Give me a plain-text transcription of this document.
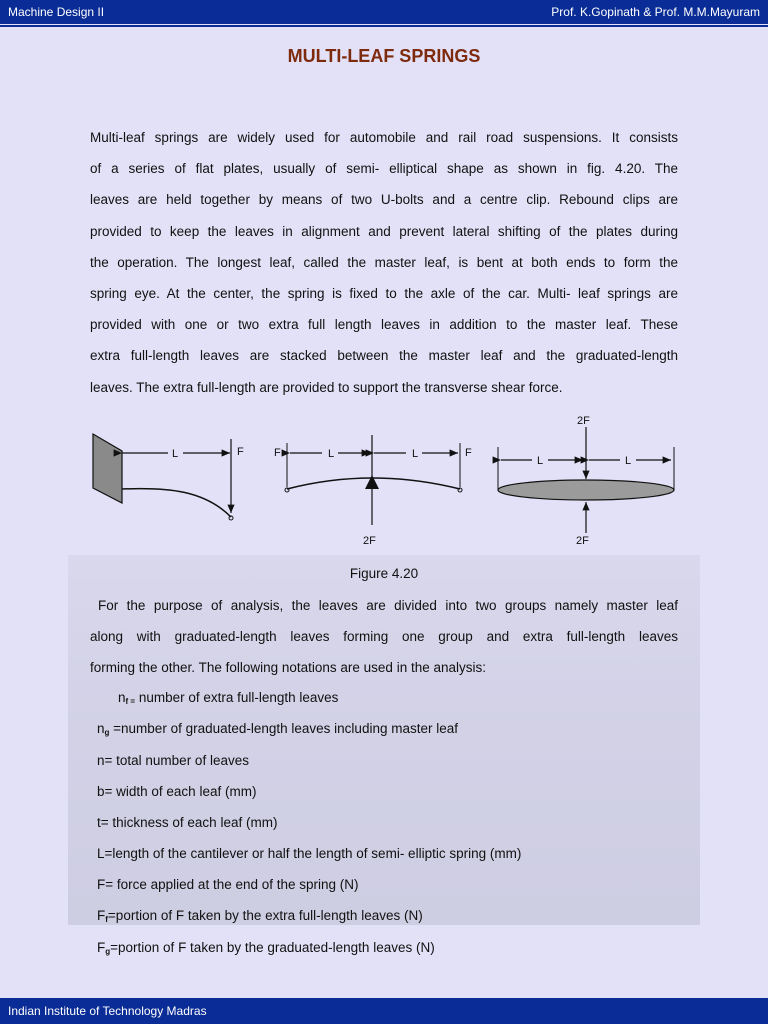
Machine Design II	Prof. K.Gopinath & Prof. M.M.Mayuram
MULTI-LEAF SPRINGS
Multi-leaf springs are widely used for automobile and rail road suspensions. It consists
of a series of flat plates, usually of semi- elliptical shape as shown in fig. 4.20. The
leaves are held together by means of two U-bolts and a centre clip. Rebound clips are
provided to keep the leaves in alignment and prevent lateral shifting of the plates during
the operation. The longest leaf, called the master leaf, is bent at both ends to form the
spring eye. At the center, the spring is fixed to the axle of the car. Multi- leaf springs are
provided with one or two extra full length leaves in addition to the master leaf. These
extra full-length leaves are stacked between the master leaf and the graduated-length
leaves. The extra full-length are provided to support the transverse shear force.
L	F	L	L
F	F
2F
L	L
2F
2F
Figure 4.20
For the purpose of analysis, the leaves are divided into two groups namely master leaf
along with graduated-length leaves forming one group and extra full-length leaves
forming the other. The following notations are used in the analysis:
$n_{f =}$ number of extra full-length leaves
$n_g$ =number of graduated-length leaves including master leaf
n= total number of leaves
b= width of each leaf (mm)
t= thickness of each leaf (mm)
L=length of the cantilever or half the length of semi- elliptic spring (mm)
F= force applied at the end of the spring (N)
$F_f=portion$ of F taken by the extra full-length leaves (N)
$F_g=portion$ of F taken by the graduated-length leaves (N)
Indian Institute of Technology Madras
